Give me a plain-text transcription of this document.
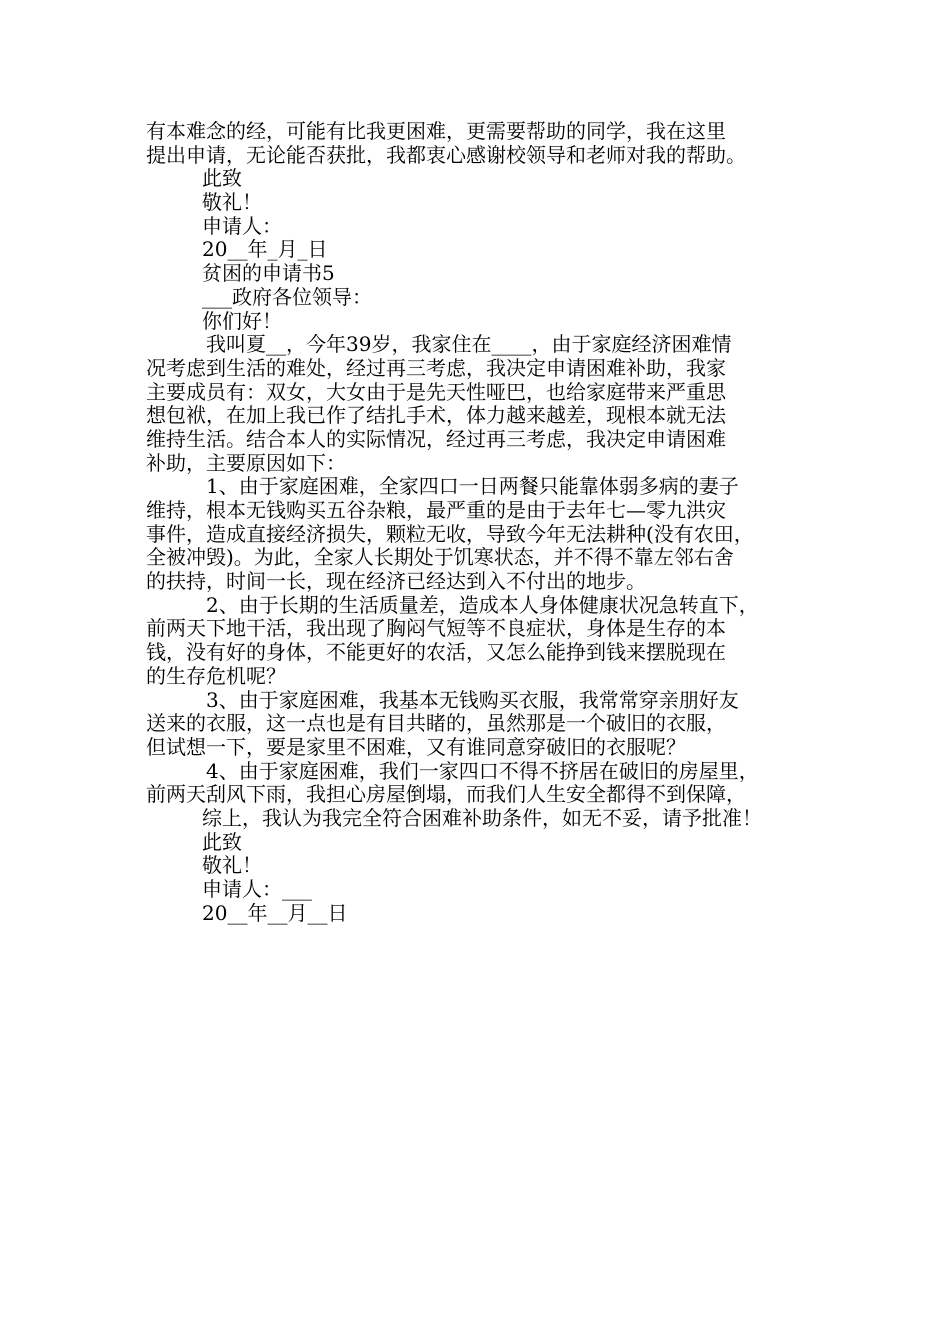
有本难念的经，可能有比我更困难，更需要帮助的同学，我在这里
提出申请，无论能否获批，我都衷心感谢校领导和老师对我的帮助。
此致
敬礼！
申请人：
20__年_月_日
贫困的申请书5
___政府各位领导：
你们好！
我叫夏__，今年39岁，我家住在____，由于家庭经济困难情
况考虑到生活的难处，经过再三考虑，我决定申请困难补助，我家
主要成员有：双女，大女由于是先天性哑巴，也给家庭带来严重思
想包袱，在加上我已作了结扎手术，体力越来越差，现根本就无法
维持生活。结合本人的实际情况，经过再三考虑，我决定申请困难
补助，主要原因如下：
1、由于家庭困难，全家四口一日两餐只能靠体弱多病的妻子
维持，根本无钱购买五谷杂粮，最严重的是由于去年七—零九洪灾
事件，造成直接经济损失，颗粒无收，导致今年无法耕种(没有农田，
全被冲毁)。为此，全家人长期处于饥寒状态，并不得不靠左邻右舍
的扶持，时间一长，现在经济已经达到入不付出的地步。
2、由于长期的生活质量差，造成本人身体健康状况急转直下，
前两天下地干活，我出现了胸闷气短等不良症状，身体是生存的本
钱，没有好的身体，不能更好的农活，又怎么能挣到钱来摆脱现在
的生存危机呢？
3、由于家庭困难，我基本无钱购买衣服，我常常穿亲朋好友
送来的衣服，这一点也是有目共睹的，虽然那是一个破旧的衣服，
但试想一下，要是家里不困难，又有谁同意穿破旧的衣服呢？
4、由于家庭困难，我们一家四口不得不挤居在破旧的房屋里，
前两天刮风下雨，我担心房屋倒塌，而我们人生安全都得不到保障，
综上，我认为我完全符合困难补助条件，如无不妥，请予批准！
此致
敬礼！
申请人：___
20__年__月__日
